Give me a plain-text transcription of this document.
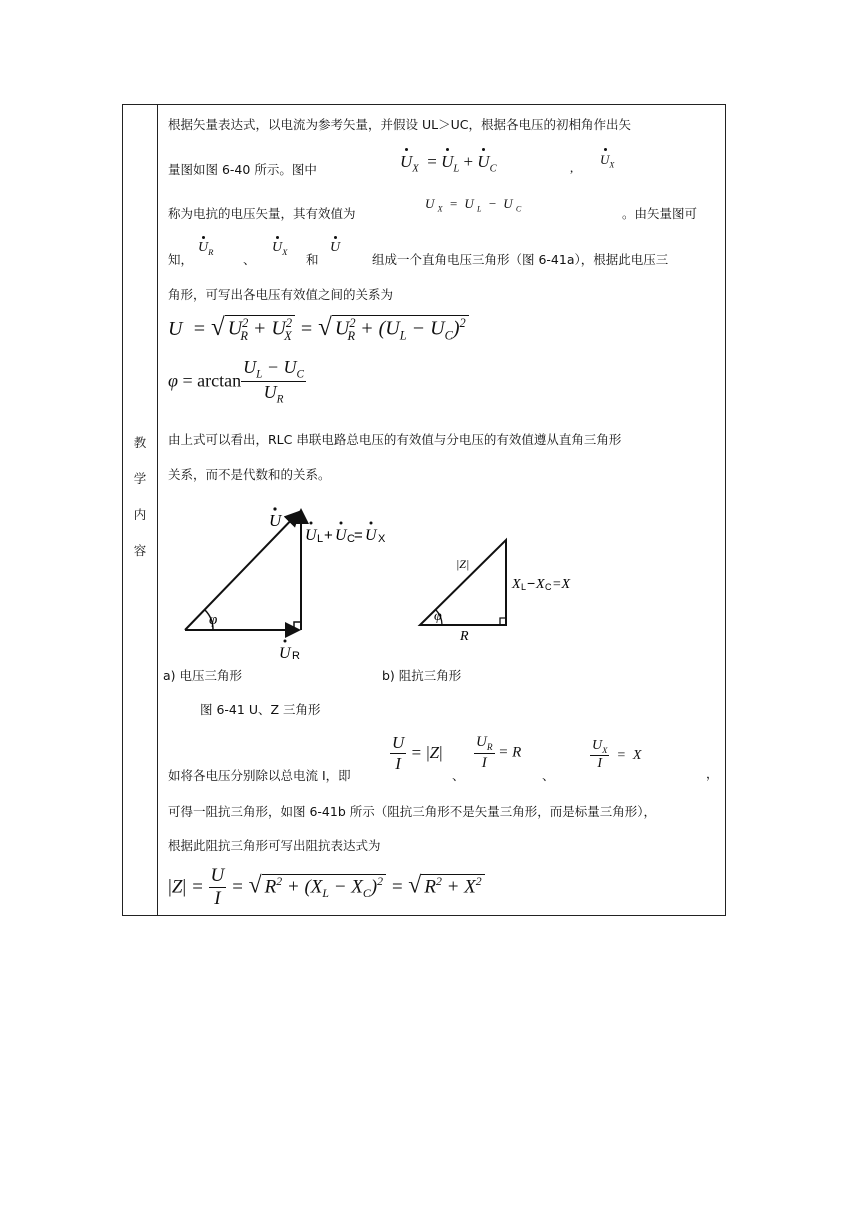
教
学
内
容
根据矢量表达式，以电流为参考矢量，并假设 UL＞UC，根据各电压的初相角作出矢
量图如图 6-40 所示。图中	$U_X = U_L + U_C$	,
$U_X$
称为电抗的电压矢量，其有效值为
U $_X$  =  U $_L$  −  U $_C$	。由矢量图可
知，
$U_R$
、
$U_X$
和
U
组成一个直角电压三角形（图 6-41a），根据此电压三
角形，可写出各电压有效值之间的关系为
U  = √ $U^2_R + U^2_X$ = √ $U^2_R + (U_L - U_C)^2$
$\varphi = \arctan \frac{U_L - U_C}{U_R}$
由上式可以看出，RLC 串联电路总电压的有效值与分电压的有效值遵从直角三角形
关系，而不是代数和的关系。
φ
U
U L + U C = U X
U R
φ
|Z|
R
X L − X C =X
a) 电压三角形	b) 阻抗三角形
图 6-41 U、Z 三角形
如将各电压分别除以总电流 I，即
$\frac{U}{I} = |Z|$
、
$\frac{U_R}{I} = R$
、
$\frac{U_X}{I} = X$
，
可得一阻抗三角形，如图 6-41b 所示（阻抗三角形不是矢量三角形，而是标量三角形），
根据此阻抗三角形可写出阻抗表达式为
$|Z| = \frac{U}{I}$ = √ $R^2 + (X_L - X_C)^2$ = √ $R^2 + X^2$
